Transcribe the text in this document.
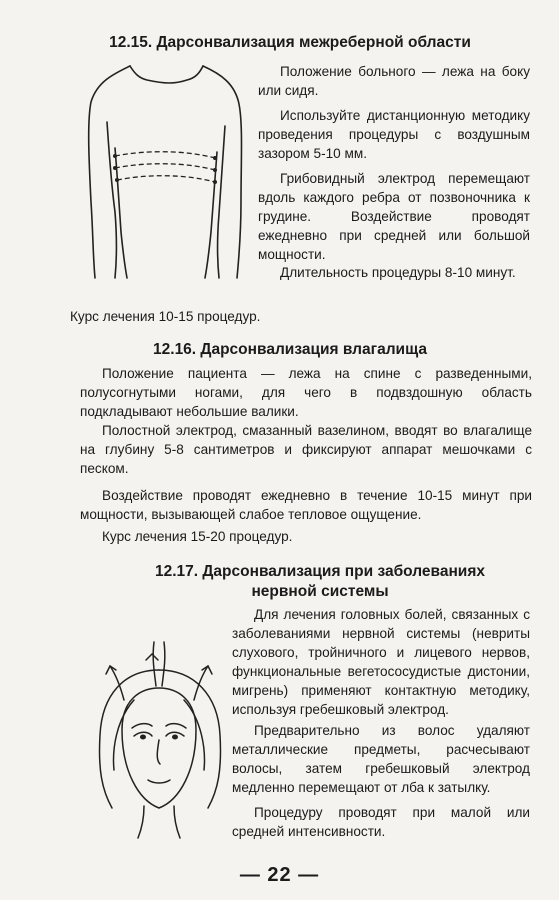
12.15. Дарсонвализация межреберной области

Положение больного — лежа на боку или сидя.

Используйте дистанционную методику проведения процедуры с воздушным зазором 5-10 мм.

Грибовидный электрод перемещают вдоль каждого ребра от позвоночника к грудине. Воздействие проводят ежедневно при средней или большой мощности.

Длительность процедуры 8-10 минут.

Курс лечения 10-15 процедур.

12.16. Дарсонвализация влагалища

Положение пациента — лежа на спине с разведенными, полусогнутыми ногами, для чего в подвздошную область подкладывают небольшие валики.

Полостной электрод, смазанный вазелином, вводят во влагалище на глубину 5-8 сантиметров и фиксируют аппарат мешочками с песком.

Воздействие проводят ежедневно в течение 10-15 минут при мощности, вызывающей слабое тепловое ощущение.

Курс лечения 15-20 процедур.

12.17. Дарсонвализация при заболеваниях
нервной системы

Для лечения головных болей, связанных с заболеваниями нервной системы (невриты слухового, тройничного и лицевого нервов, функциональные вегетососудистые дистонии, мигрень) применяют контактную методику, используя гребешковый электрод.

Предварительно из волос удаляют металлические предметы, расчесывают волосы, затем гребешковый электрод медленно перемещают от лба к затылку.

Процедуру проводят при малой или средней интенсивности.

— 22 —
